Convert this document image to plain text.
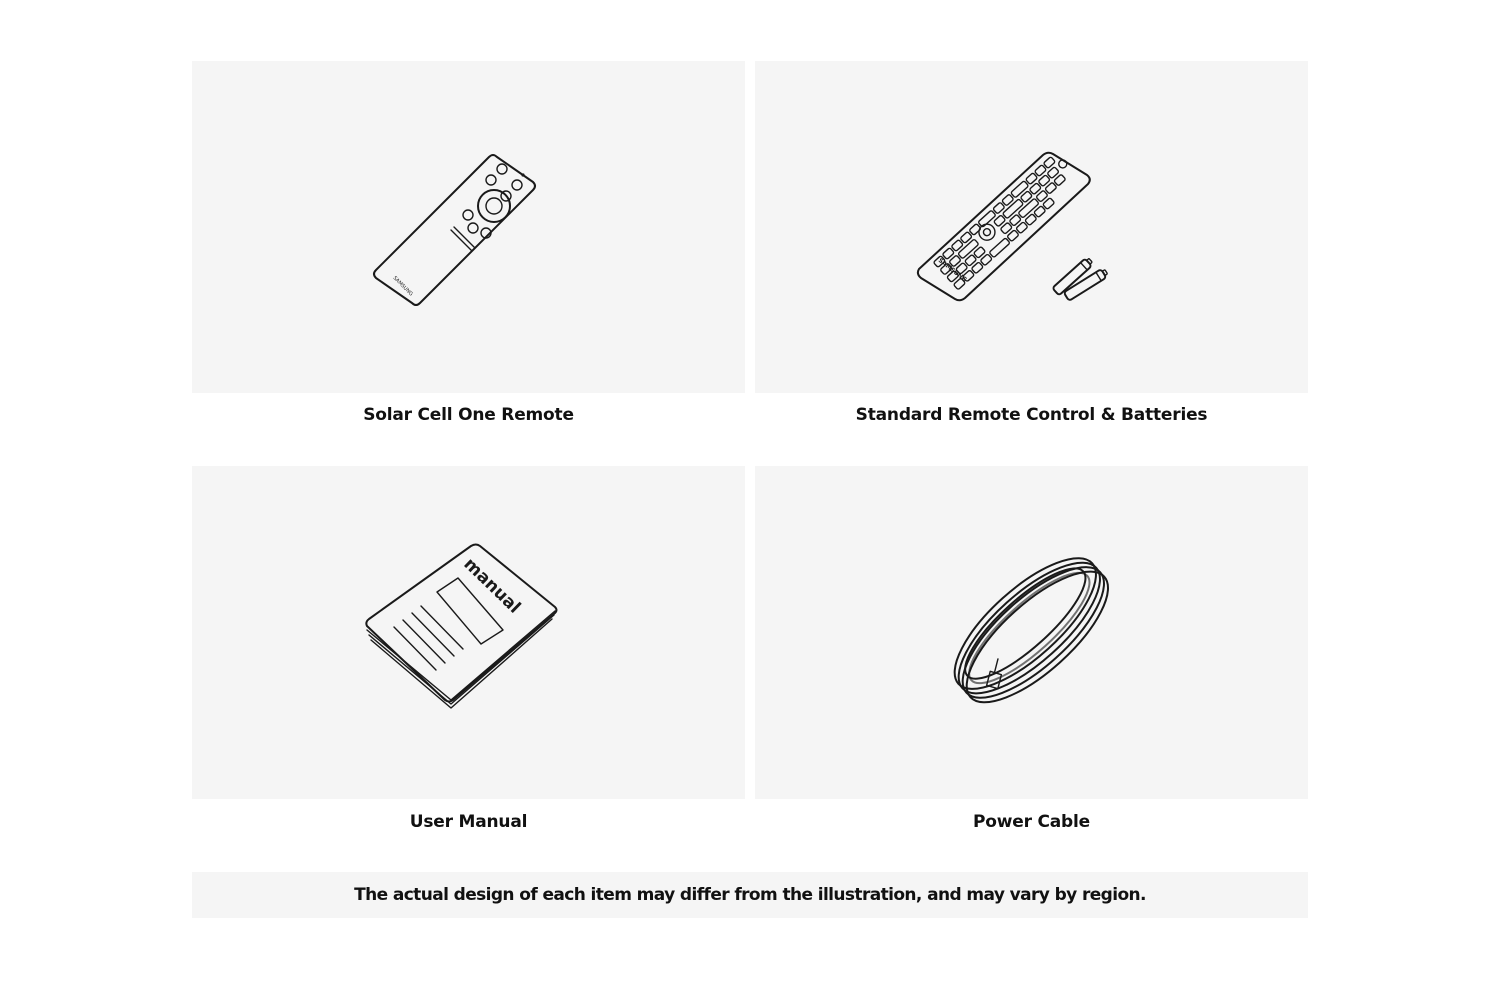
SAMSUNG
Solar Cell One Remote
SAMSUNG
Standard Remote Control & Batteries
manual
User Manual	Power Cable
The actual design of each item may differ from the illustration, and may vary by region.
